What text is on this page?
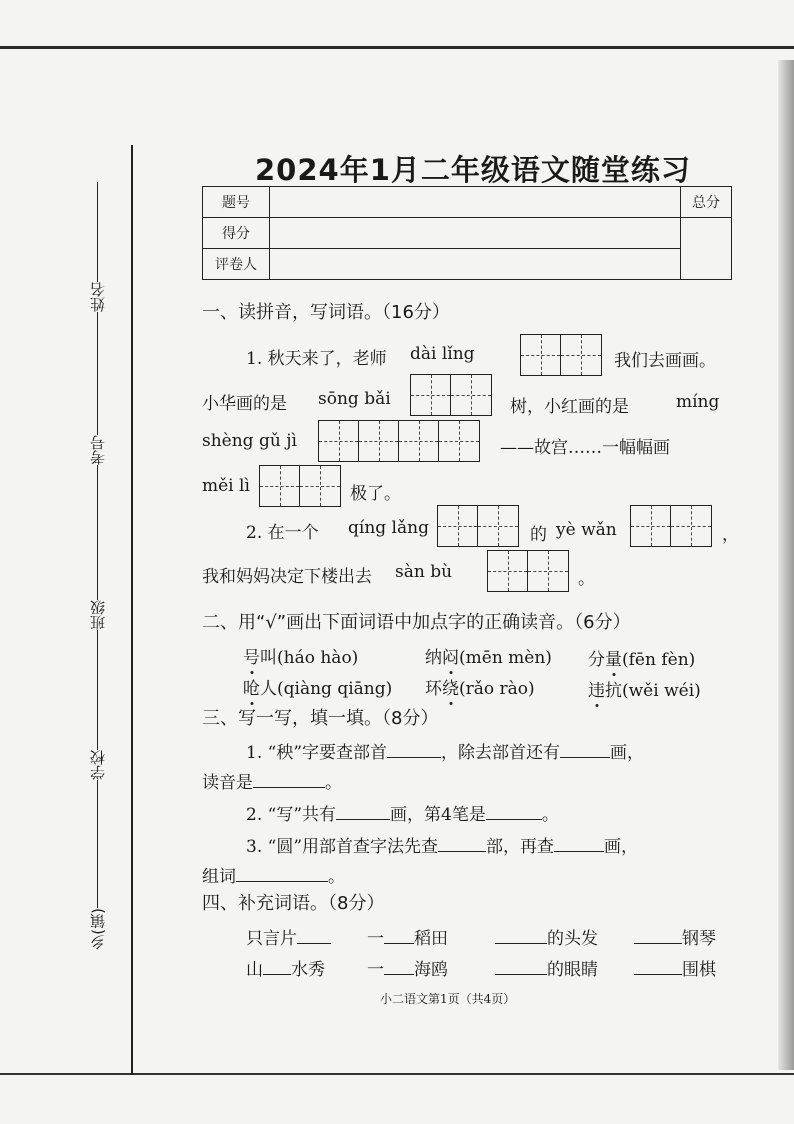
姓名
考号
班级
学校
乡(镇)
2024年1月二年级语文随堂练习
题号		总分
得分		
评卷人		
一、读拼音，写词语。（16分）
1. 秋天来了，老师 dài lǐng	我们去画画。
小华画的是 sōng bǎi	树，小红画的是	míng
shèng gǔ jì	——故宫……一幅幅画
měi lì	极了。
2. 在一个 qíng lǎng	的 yè wǎn	，
我和妈妈决定下楼出去 sàn bù	。
二、用“√”画出下面词语中加点字的正确读音。（6分）
号叫(háo hào)	纳闷(mēn mèn) 分量(fēn fèn)
呛人(qiàng qiāng) 环绕(rǎo rào)	违抗(wěi wéi)
三、写一写，填一填。（8分）
1. “秧”字要查部首	，除去部首还有	画，
读音是	。
2. “写”共有	画，第4笔是	。
3. “圆”用部首查字法先查	部，再查	画，
组词	。
四、补充词语。（8分）
只言片	一 稻田	的头发	钢琴
山 水秀 一 海鸥	的眼睛	围棋
小二语文第1页（共4页）
